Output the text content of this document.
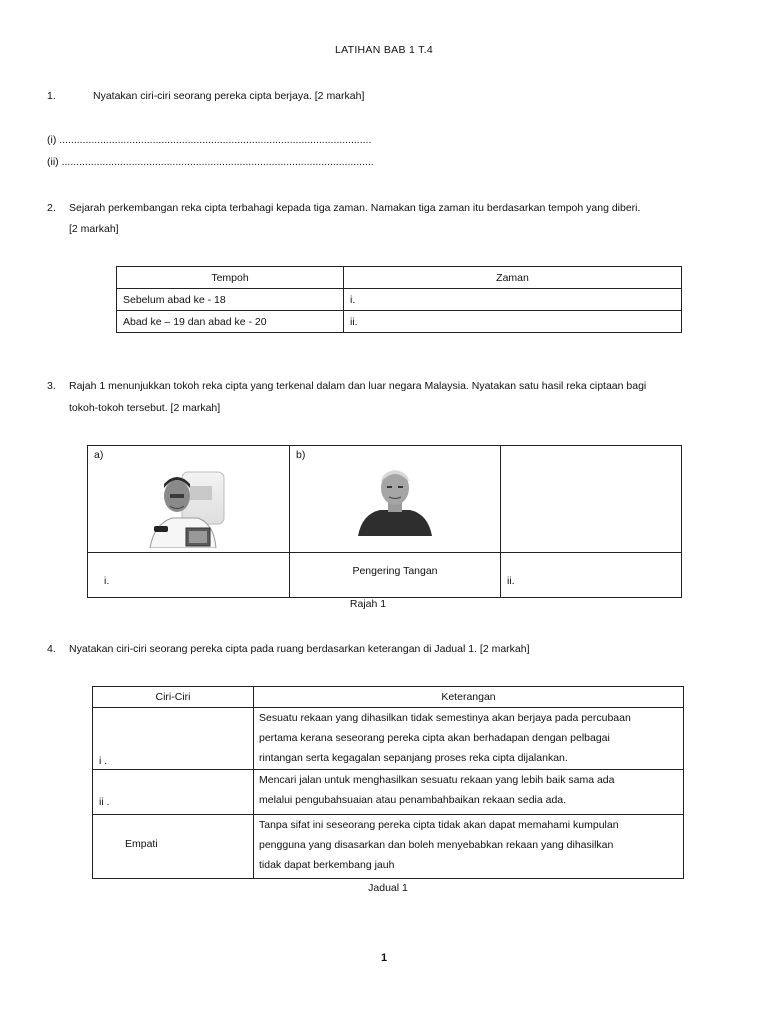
LATIHAN BAB 1 T.4
1.	Nyatakan ciri-ciri seorang pereka cipta berjaya. [2 markah]
(i) ...........................................................................................................
(ii) ...........................................................................................................
2. Sejarah perkembangan reka cipta terbahagi kepada tiga zaman. Namakan tiga zaman itu berdasarkan tempoh yang diberi.
[2 markah]
Tempoh	Zaman
Sebelum abad ke - 18	i.
Abad ke – 19 dan abad ke - 20	ii.
3. Rajah 1 menunjukkan tokoh reka cipta yang terkenal dalam dan luar negara Malaysia. Nyatakan satu hasil reka ciptaan bagi
tokoh-tokoh tersebut. [2 markah]
a)	b)	

i.	Pengering Tangan	ii.
Rajah 1
4. Nyatakan ciri-ciri seorang pereka cipta pada ruang berdasarkan keterangan di Jadual 1. [2 markah]
Ciri-Ciri	Keterangan

i .	Sesuatu rekaan yang dihasilkan tidak semestinya akan berjaya pada percubaan
pertama kerana seseorang pereka cipta akan berhadapan dengan pelbagai
rintangan serta kegagalan sepanjang proses reka cipta dijalankan.

ii .	Mencari jalan untuk menghasilkan sesuatu rekaan yang lebih baik sama ada
melalui pengubahsuaian atau penambahbaikan rekaan sedia ada.

Empati	Tanpa sifat ini seseorang pereka cipta tidak akan dapat memahami kumpulan
pengguna yang disasarkan dan boleh menyebabkan rekaan yang dihasilkan
tidak dapat berkembang jauh
Jadual 1
1
